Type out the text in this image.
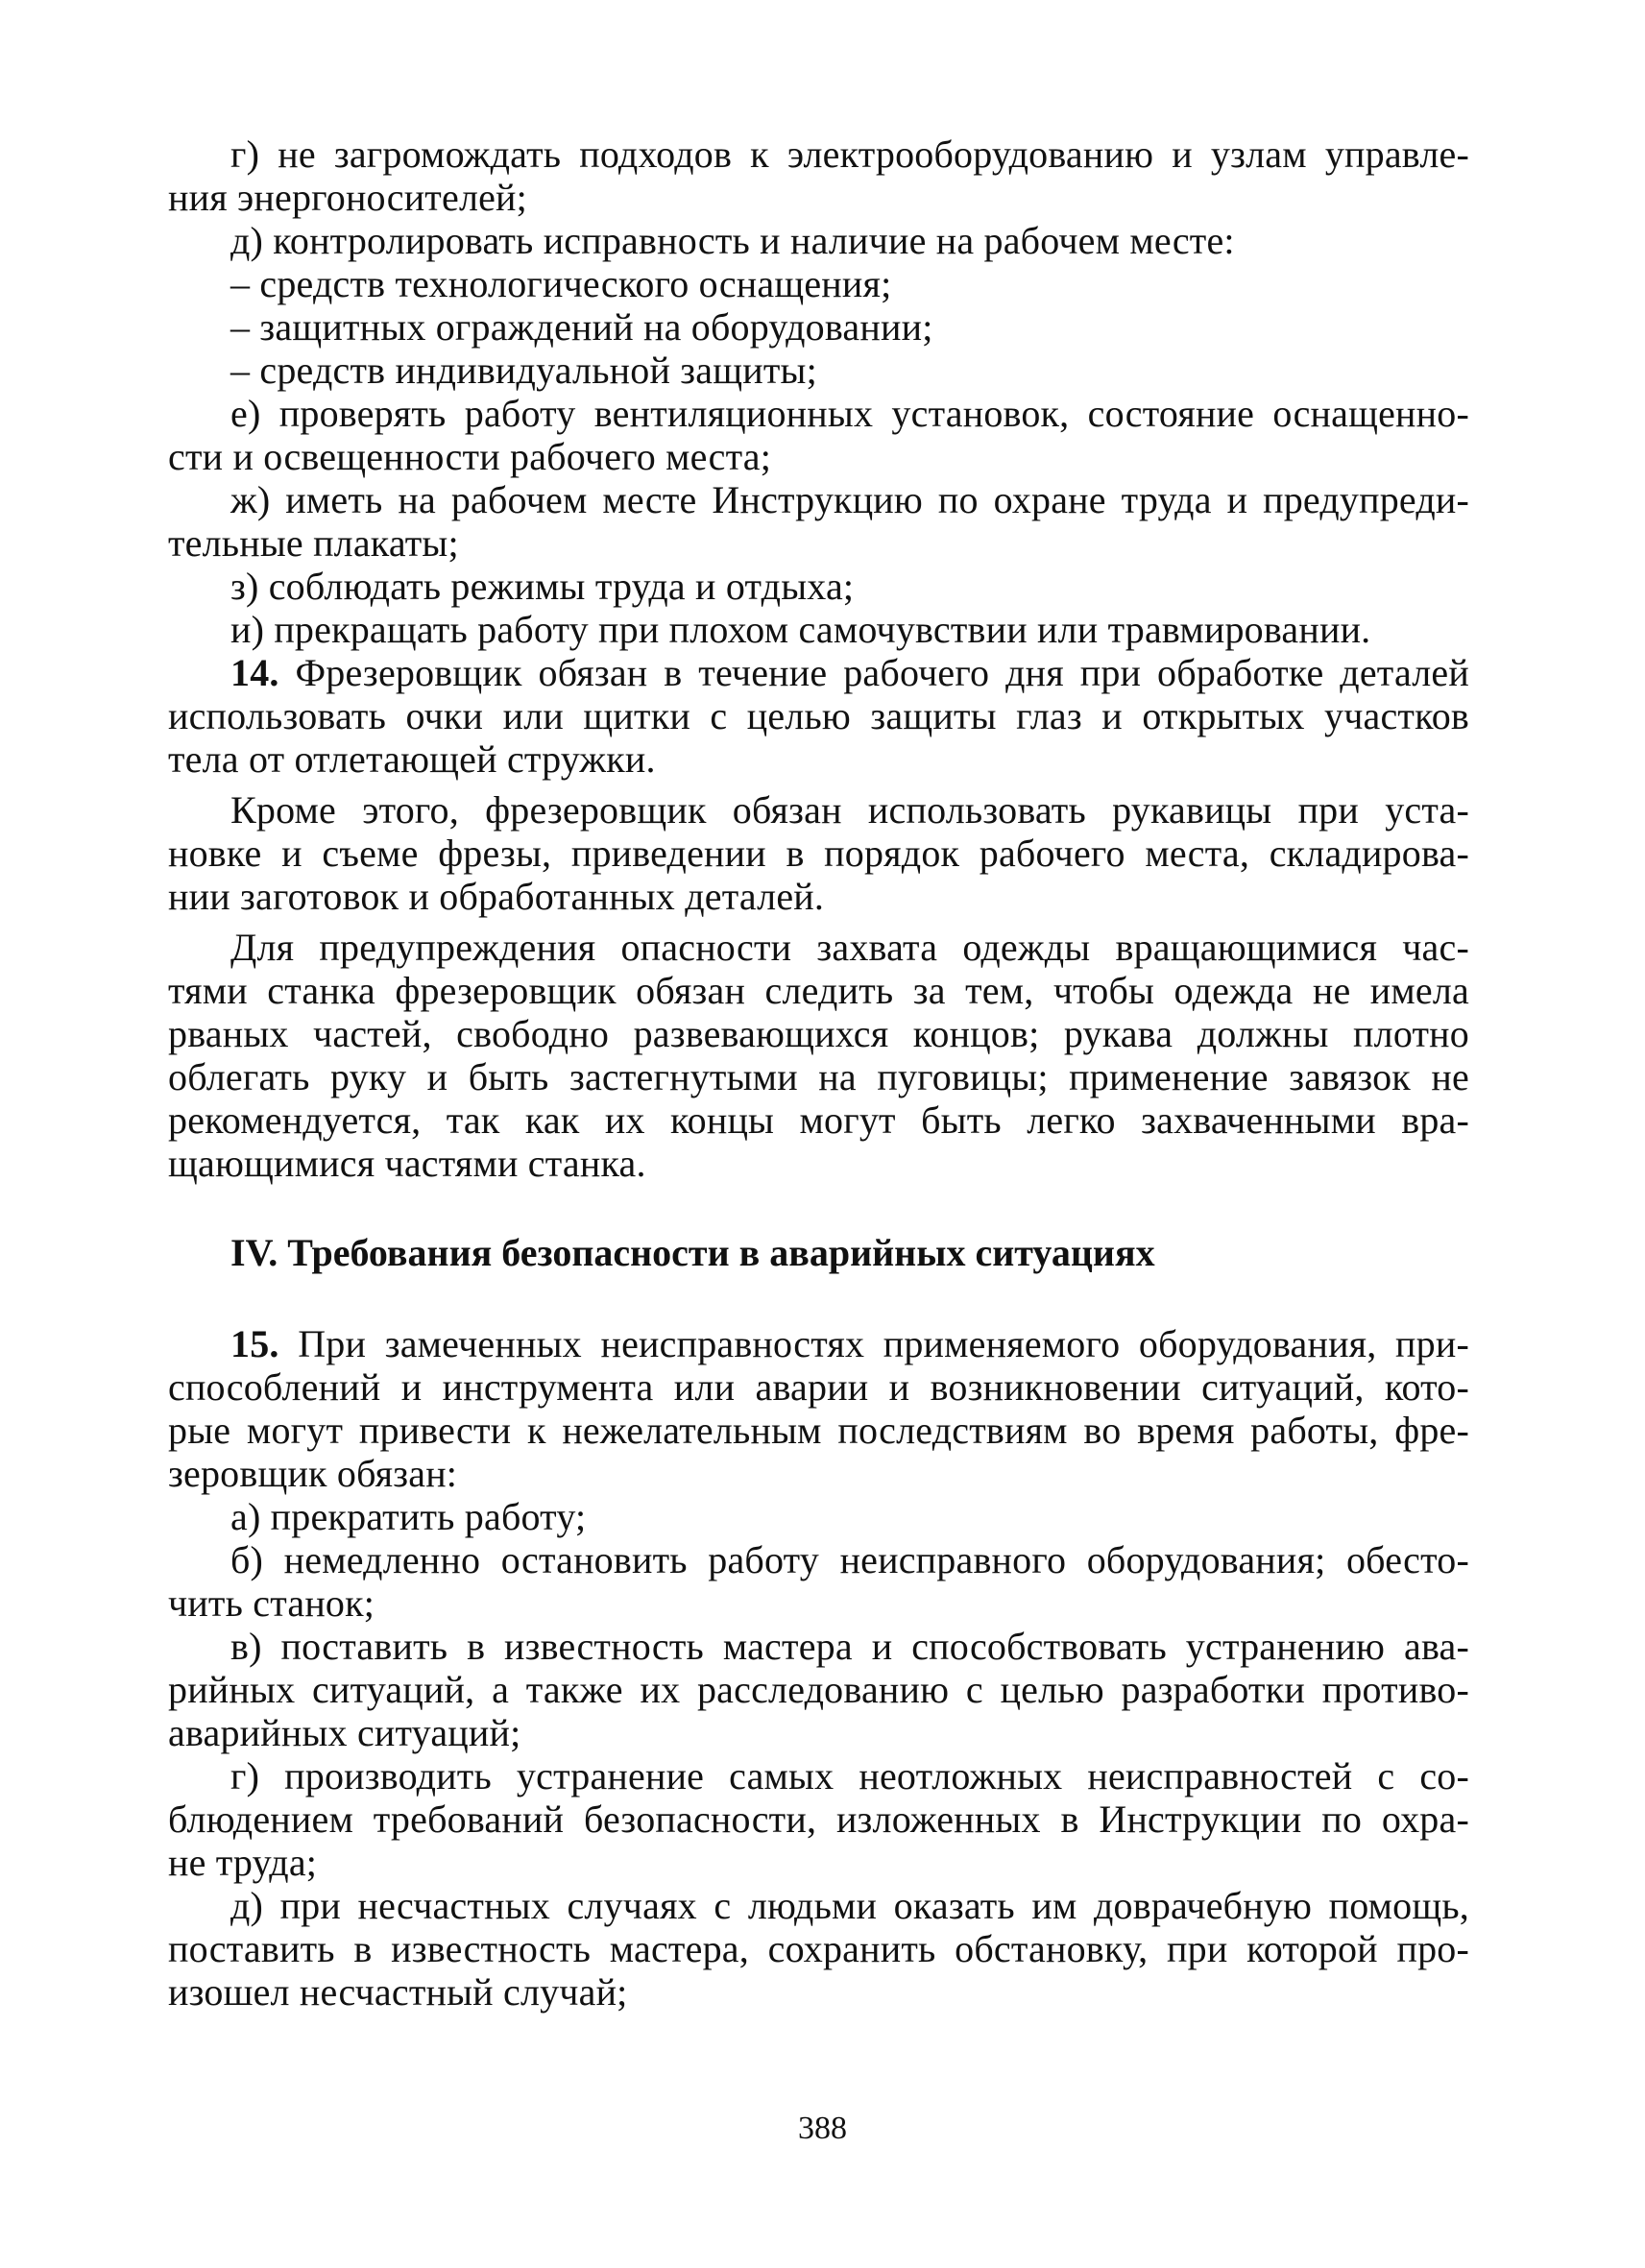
г) не загромождать подходов к электрооборудованию и узлам управле-

ния энергоносителей;

д) контролировать исправность и наличие на рабочем месте:

– средств технологического оснащения;

– защитных ограждений на оборудовании;

– средств индивидуальной защиты;

е) проверять работу вентиляционных установок, состояние оснащенно-

сти и освещенности рабочего места;

ж) иметь на рабочем месте Инструкцию по охране труда и предупреди-

тельные плакаты;

з) соблюдать режимы труда и отдыха;

и) прекращать работу при плохом самочувствии или травмировании.

14. Фрезеровщик обязан в течение рабочего дня при обработке деталей

использовать очки или щитки с целью защиты глаз и открытых участков

тела от отлетающей стружки.

Кроме этого, фрезеровщик обязан использовать рукавицы при уста-

новке и съеме фрезы, приведении в порядок рабочего места, складирова-

нии заготовок и обработанных деталей.

Для предупреждения опасности захвата одежды вращающимися час-

тями станка фрезеровщик обязан следить за тем, чтобы одежда не имела

рваных частей, свободно развевающихся концов; рукава должны плотно

облегать руку и быть застегнутыми на пуговицы; применение завязок не

рекомендуется, так как их концы могут быть легко захваченными вра-

щающимися частями станка.

IV. Требования безопасности в аварийных ситуациях

15. При замеченных неисправностях применяемого оборудования, при-

способлений и инструмента или аварии и возникновении ситуаций, кото-

рые могут привести к нежелательным последствиям во время работы, фре-

зеровщик обязан:

а) прекратить работу;

б) немедленно остановить работу неисправного оборудования; обесто-

чить станок;

в) поставить в известность мастера и способствовать устранению ава-

рийных ситуаций, а также их расследованию с целью разработки противо-

аварийных ситуаций;

г) производить устранение самых неотложных неисправностей с со-

блюдением требований безопасности, изложенных в Инструкции по охра-

не труда;

д) при несчастных случаях с людьми оказать им доврачебную помощь,

поставить в известность мастера, сохранить обстановку, при которой про-

изошел несчастный случай;

388
